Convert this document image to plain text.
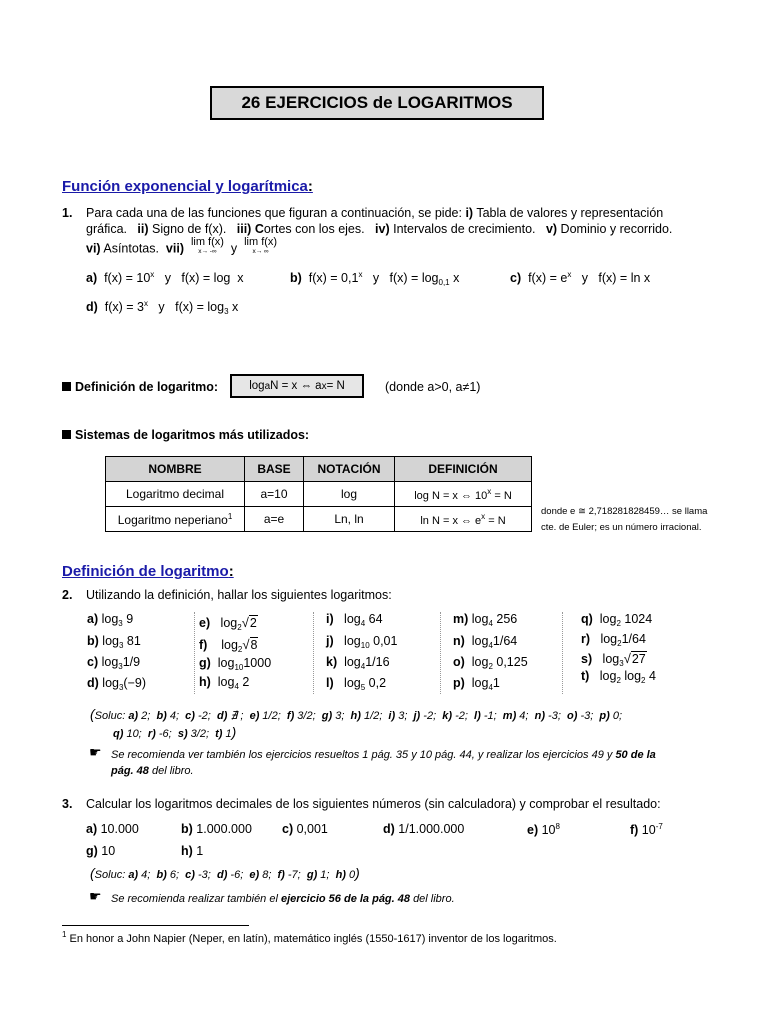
26 EJERCICIOS de LOGARITMOS
Función exponencial y logarítmica:
1. Para cada una de las funciones que figuran a continuación, se pide: i) Tabla de valores y representación
gráfica.   ii) Signo de f(x).   iii) Cortes con los ejes.   iv) Intervalos de crecimiento.   v) Dominio y recorrido.
vi) Asíntotas.  vii) lim f(x)
x→ -∞	y lim f(x)
x→ ∞
a)  $f(x) = 10^x$   y   f(x) = log  x	b)  $f(x) = 0,1^x$   y   $f(x) = \log_{0,1} x$	c)  $f(x) = e^x$   y   f(x) = ln x
d)  $f(x) = 3^x$   y   $f(x) = \log_3 x$
Definición de logaritmo:	log a N = x ⇔ a x = N	(donde a>0, a≠1)
Sistemas de logaritmos más utilizados:
NOMBRE	BASE	NOTACIÓN	DEFINICIÓN
Logaritmo decimal	a=10	log	log N = x ⇔ $10^x = N$
Logaritmo neperiano$^1$	a=e	Ln, ln	ln N = x ⇔ $e^x = N$
donde e ≅ 2,718281828459… se llama cte. de Euler; es un número irracional.
Definición de logaritmo:
2. Utilizando la definición, hallar los siguientes logaritmos:
a) $\log_3 9$
b) $\log_3 81$
c) $\log_31/9$
d) $\log_3(-9)$
e)   $\log_2√2$
f)    $\log_2√8$
g)  $\log_{10}1000$
h)  $\log_4 2$
i)   $\log_4 64$
j)   $\log_{10} 0,01$
k)  $\log_41/16$
l)   $\log_5 0,2$
m) $\log_4 256$
n)  $\log_41/64$
o)  $\log_2 0,125$
p)  $\log_41$
q)  $\log_2 1024$
r)   $\log_21/64$
s)   $\log_3√27$
t)   $\log_2 \log_2 4$
(Soluc: a) 2;  b) 4;  c) -2;  d) ∄ ;  e) 1/2;  f) 3/2;  g) 3;  h) 1/2;  i) 3;  j) -2;  k) -2;  l) -1;  m) 4;  n) -3;  o) -3;  p) 0;
q) 10;  r) -6;  s) 3/2;  t) 1)
☛ Se recomienda ver también los ejercicios resueltos 1 pág. 35 y 10 pág. 44, y realizar los ejercicios 49 y 50 de la
pág. 48 del libro.
3. Calcular los logaritmos decimales de los siguientes números (sin calculadora) y comprobar el resultado:
a) 10.000	b) 1.000.000 c) 0,001	d) 1/1.000.000	e) $10^8$	f) $10^{-7}$
g) 10	h) 1
(Soluc: a) 4;  b) 6;  c) -3;  d) -6;  e) 8;  f) -7;  g) 1;  h) 0)
☛ Se recomienda realizar también el ejercicio 56 de la pág. 48 del libro.
$^1$ En honor a John Napier (Neper, en latín), matemático inglés (1550-1617) inventor de los logaritmos.
